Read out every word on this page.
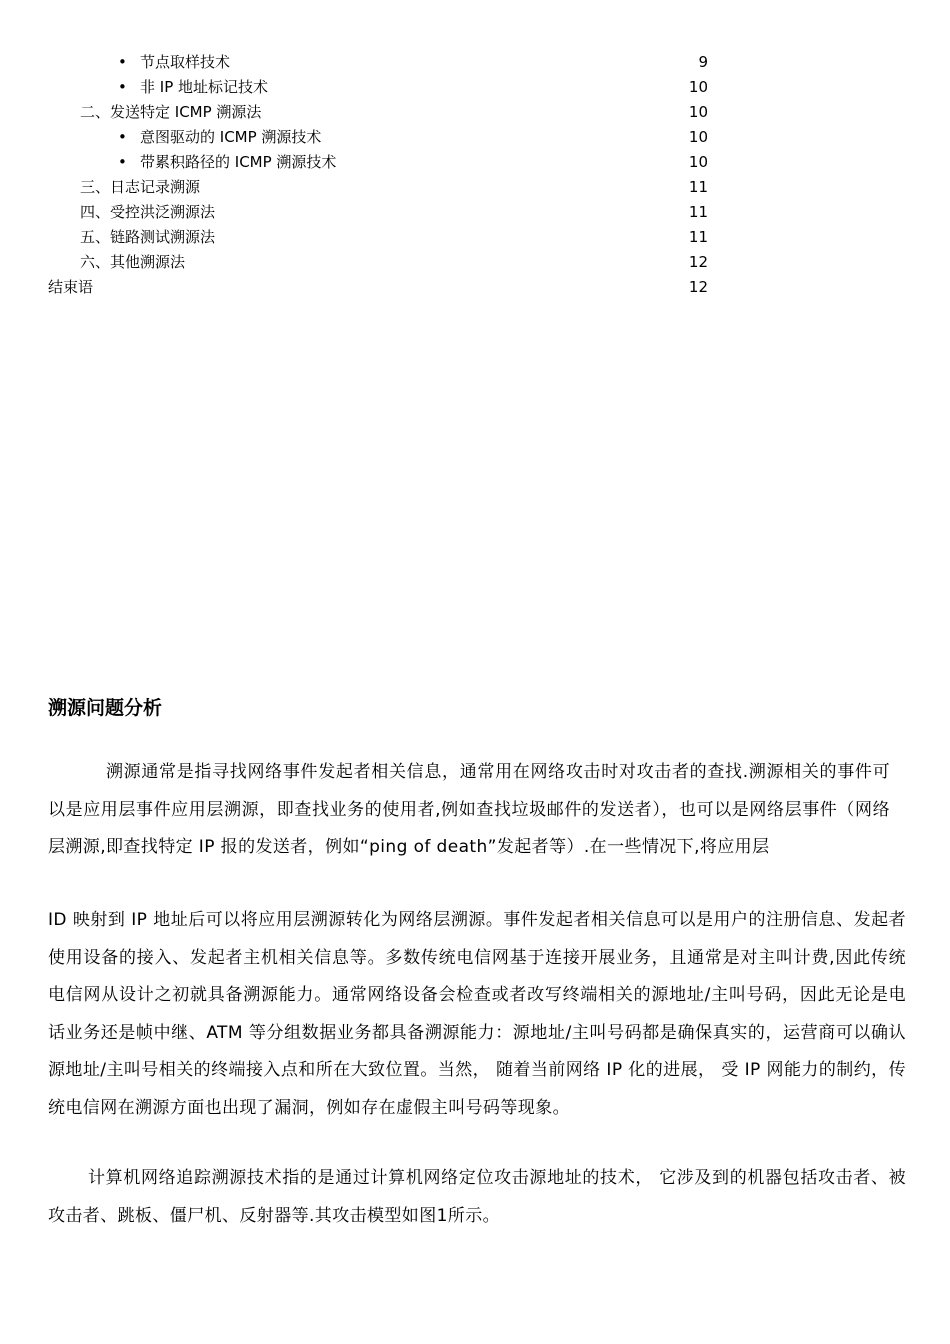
• 节点取样技术	9
• 非 IP 地址标记技术	10
二、发送特定 ICMP 溯源法	10
• 意图驱动的 ICMP 溯源技术	10
• 带累积路径的 ICMP 溯源技术	10
三、日志记录溯源	11
四、受控洪泛溯源法	11
五、链路测试溯源法	11
六、其他溯源法	12
结束语	12
溯源问题分析

溯源通常是指寻找网络事件发起者相关信息，通常用在网络攻击时对攻击者的查找.溯源相关的事件可以是应用层事件应用层溯源，即查找业务的使用者,例如查找垃圾邮件的发送者），也可以是网络层事件（网络层溯源,即查找特定 IP 报的发送者，例如“ping of death”发起者等）.在一些情况下,将应用层

ID 映射到 IP 地址后可以将应用层溯源转化为网络层溯源。事件发起者相关信息可以是用户的注册信息、发起者使用设备的接入、发起者主机相关信息等。多数传统电信网基于连接开展业务，且通常是对主叫计费,因此传统电信网从设计之初就具备溯源能力。通常网络设备会检查或者改写终端相关的源地址/主叫号码，因此无论是电话业务还是帧中继、ATM 等分组数据业务都具备溯源能力：源地址/主叫号码都是确保真实的，运营商可以确认源地址/主叫号相关的终端接入点和所在大致位置。当然， 随着当前网络 IP 化的进展， 受 IP 网能力的制约，传统电信网在溯源方面也出现了漏洞，例如存在虚假主叫号码等现象。

计算机网络追踪溯源技术指的是通过计算机网络定位攻击源地址的技术， 它涉及到的机器包括攻击者、被攻击者、跳板、僵尸机、反射器等.其攻击模型如图1所示。
